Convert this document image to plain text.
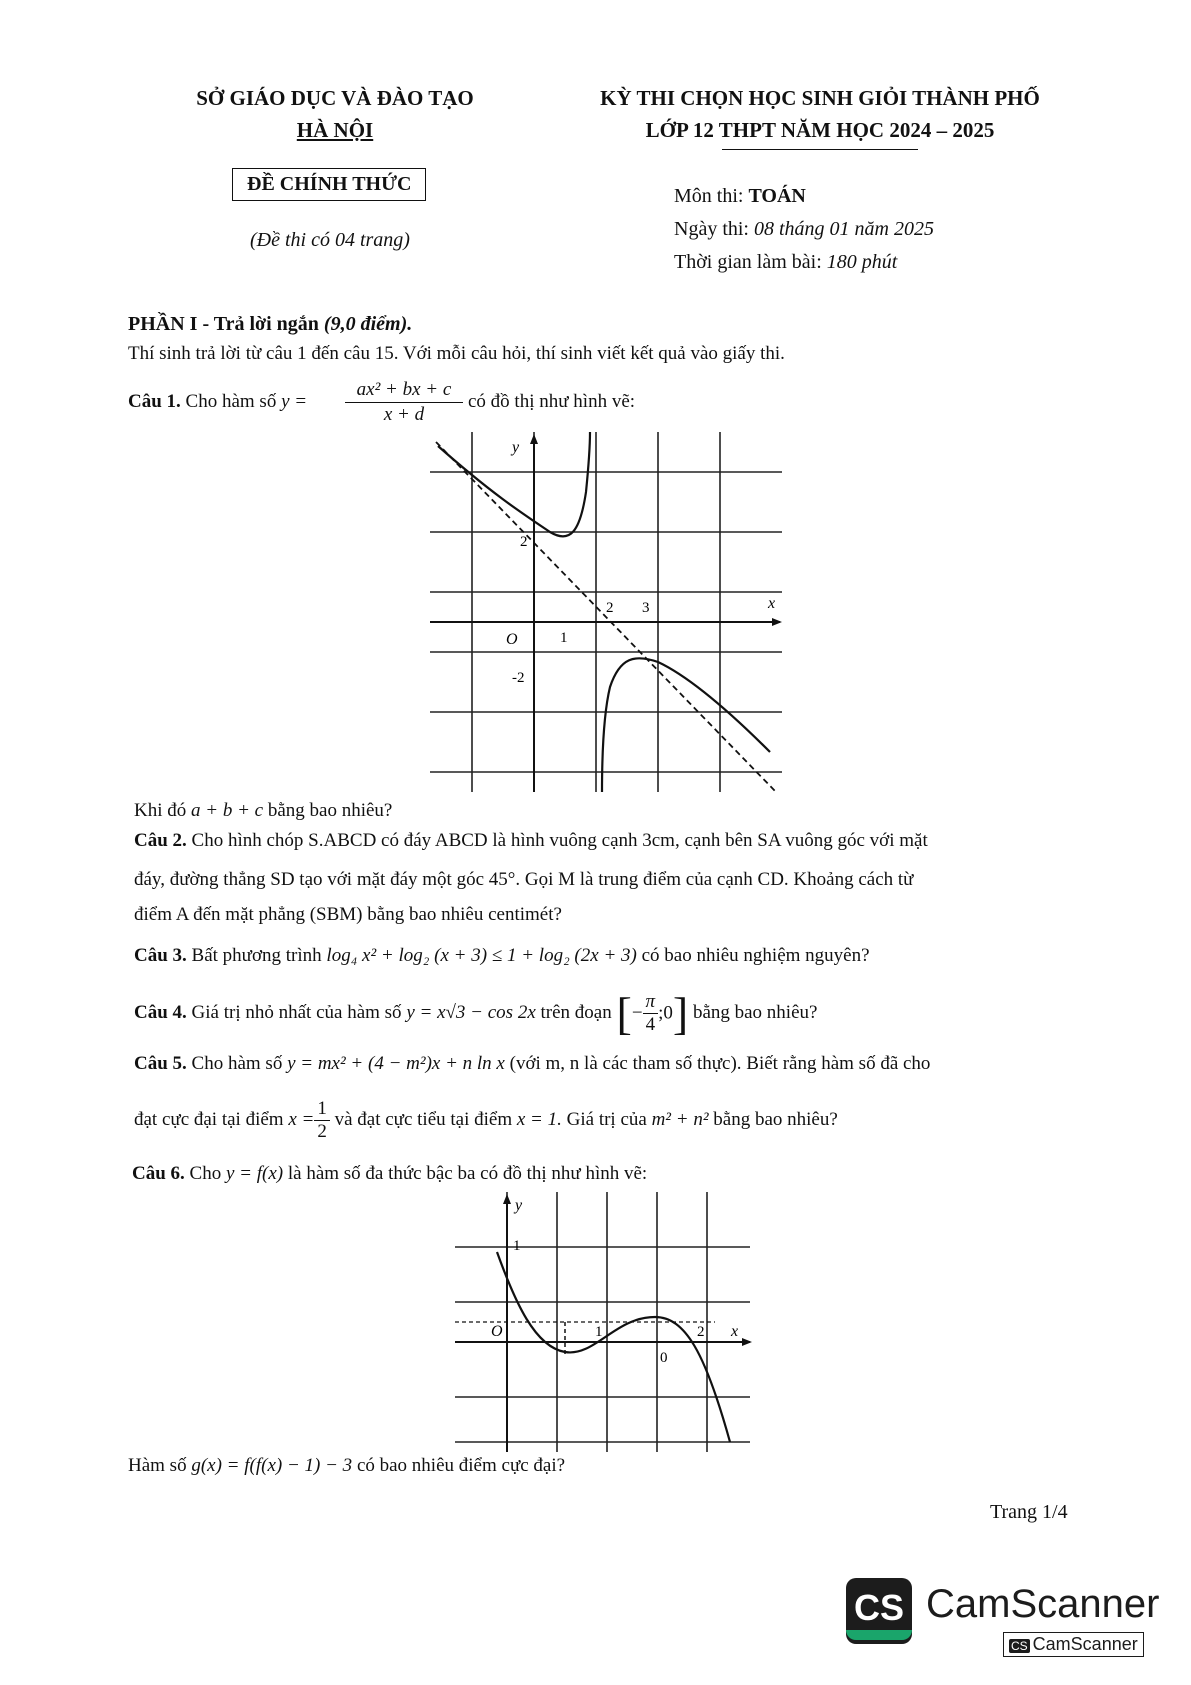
SỞ GIÁO DỤC VÀ ĐÀO TẠO
HÀ NỘI
KỲ THI CHỌN HỌC SINH GIỎI THÀNH PHỐ
LỚP 12 THPT NĂM HỌC 2024 – 2025
ĐỀ CHÍNH THỨC
(Đề thi có 04 trang)
Môn thi: TOÁN
Ngày thi: 08 tháng 01 năm 2025
Thời gian làm bài: 180 phút
PHẦN I - Trả lời ngắn (9,0 điểm).
Thí sinh trả lời từ câu 1 đến câu 15. Với mỗi câu hỏi, thí sinh viết kết quả vào giấy thi.
Câu 1. Cho hàm số $y = \frac{\text{ax² + bx + c}}{x + d}$ có đồ thị như hình vẽ:
y
x
O	1
2 3
2
-2
Khi đó a + b + c bằng bao nhiêu?
Câu 2. Cho hình chóp S.ABCD có đáy ABCD là hình vuông cạnh 3cm, cạnh bên SA vuông góc với mặt
đáy, đường thẳng SD tạo với mặt đáy một góc 45°. Gọi M là trung điểm của cạnh CD. Khoảng cách từ
điểm A đến mặt phẳng (SBM) bằng bao nhiêu centimét?
Câu 3. Bất phương trình log₄ x² + log₂ (x + 3) ≤ 1 + log₂ (2x + 3) có bao nhiêu nghiệm nguyên?
Câu 4. Giá trị nhỏ nhất của hàm số y = x√3 − cos 2x trên đoạn [− $\frac{\pi}{4}$ ;0] bằng bao nhiêu?
Câu 5. Cho hàm số y = mx² + (4 − m²)x + n ln x (với m, n là các tham số thực). Biết rằng hàm số đã cho
đạt cực đại tại điểm $x = \frac{1}{2}$ và đạt cực tiểu tại điểm x = 1. Giá trị của m² + n² bằng bao nhiêu?
Câu 6. Cho y = f(x) là hàm số đa thức bậc ba có đồ thị như hình vẽ:
y
x
O
1
1	2
0
Hàm số g(x) = f(f(x) − 1) − 3 có bao nhiêu điểm cực đại?
Trang 1/4
CS CamScanner
CS CamScanner
